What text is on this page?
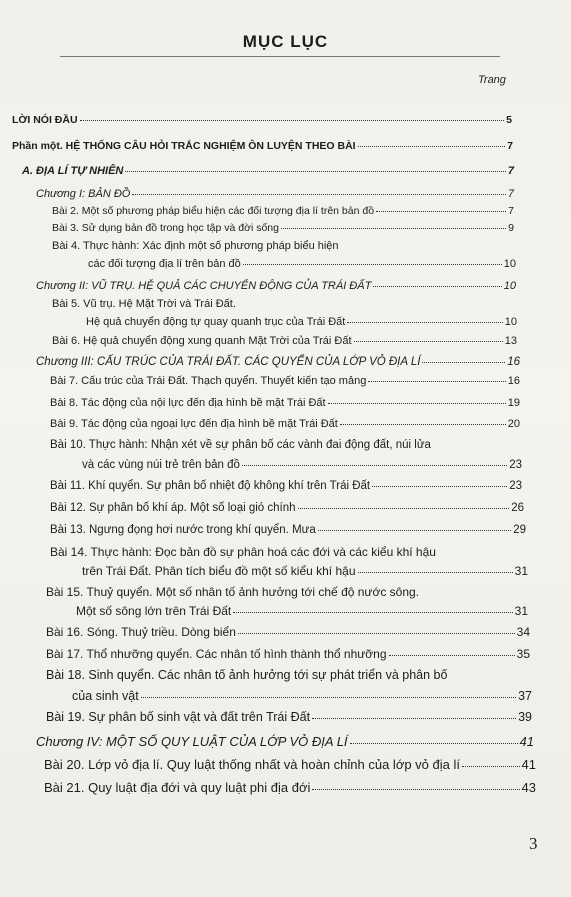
MỤC LỤC
Trang
LỜI NÓI ĐẦU	5
Phần một. HỆ THỐNG CÂU HỎI TRẮC NGHIỆM ÔN LUYỆN THEO BÀI	7
A. ĐỊA LÍ TỰ NHIÊN	7
Chương I: BẢN ĐỒ	7
Bài 2. Một số phương pháp biểu hiện các đối tượng địa lí trên bản đồ	7
Bài 3. Sử dụng bản đồ trong học tập và đời sống	9
Bài 4. Thực hành: Xác định một số phương pháp biểu hiện
các đối tượng địa lí trên bản đồ	10
Chương II: VŨ TRỤ. HỆ QUẢ CÁC CHUYỂN ĐỘNG CỦA TRÁI ĐẤT	10
Bài 5. Vũ trụ. Hệ Mặt Trời và Trái Đất.
Hệ quả chuyển động tự quay quanh trục của Trái Đất	10
Bài 6. Hệ quả chuyển động xung quanh Mặt Trời của Trái Đất	13
Chương III: CẤU TRÚC CỦA TRÁI ĐẤT. CÁC QUYỂN CỦA LỚP VỎ ĐỊA LÍ	16
Bài 7. Cấu trúc của Trái Đất. Thạch quyển. Thuyết kiến tạo mảng	16
Bài 8. Tác động của nội lực đến địa hình bề mặt Trái Đất	19
Bài 9. Tác động của ngoại lực đến địa hình bề mặt Trái Đất	20
Bài 10. Thực hành: Nhận xét về sự phân bố các vành đai động đất, núi lửa
và các vùng núi trẻ trên bản đồ	23
Bài 11. Khí quyển. Sự phân bố nhiệt độ không khí trên Trái Đất	23
Bài 12. Sự phân bố khí áp. Một số loại gió chính	26
Bài 13. Ngưng đọng hơi nước trong khí quyển. Mưa	29
Bài 14. Thực hành: Đọc bản đồ sự phân hoá các đới và các kiểu khí hậu
trên Trái Đất. Phân tích biểu đồ một số kiểu khí hậu	31
Bài 15. Thuỷ quyển. Một số nhân tố ảnh hưởng tới chế độ nước sông.
Một số sông lớn trên Trái Đất	31
Bài 16. Sóng. Thuỷ triều. Dòng biển	34
Bài 17. Thổ nhưỡng quyển. Các nhân tố hình thành thổ nhưỡng	35
Bài 18. Sinh quyển. Các nhân tố ảnh hưởng tới sự phát triển và phân bố
của sinh vật	37
Bài 19. Sự phân bố sinh vật và đất trên Trái Đất	39
Chương IV: MỘT SỐ QUY LUẬT CỦA LỚP VỎ ĐỊA LÍ	41
Bài 20. Lớp vỏ địa lí. Quy luật thống nhất và hoàn chỉnh của lớp vỏ địa lí	41
Bài 21. Quy luật địa đới và quy luật phi địa đới	43
3
